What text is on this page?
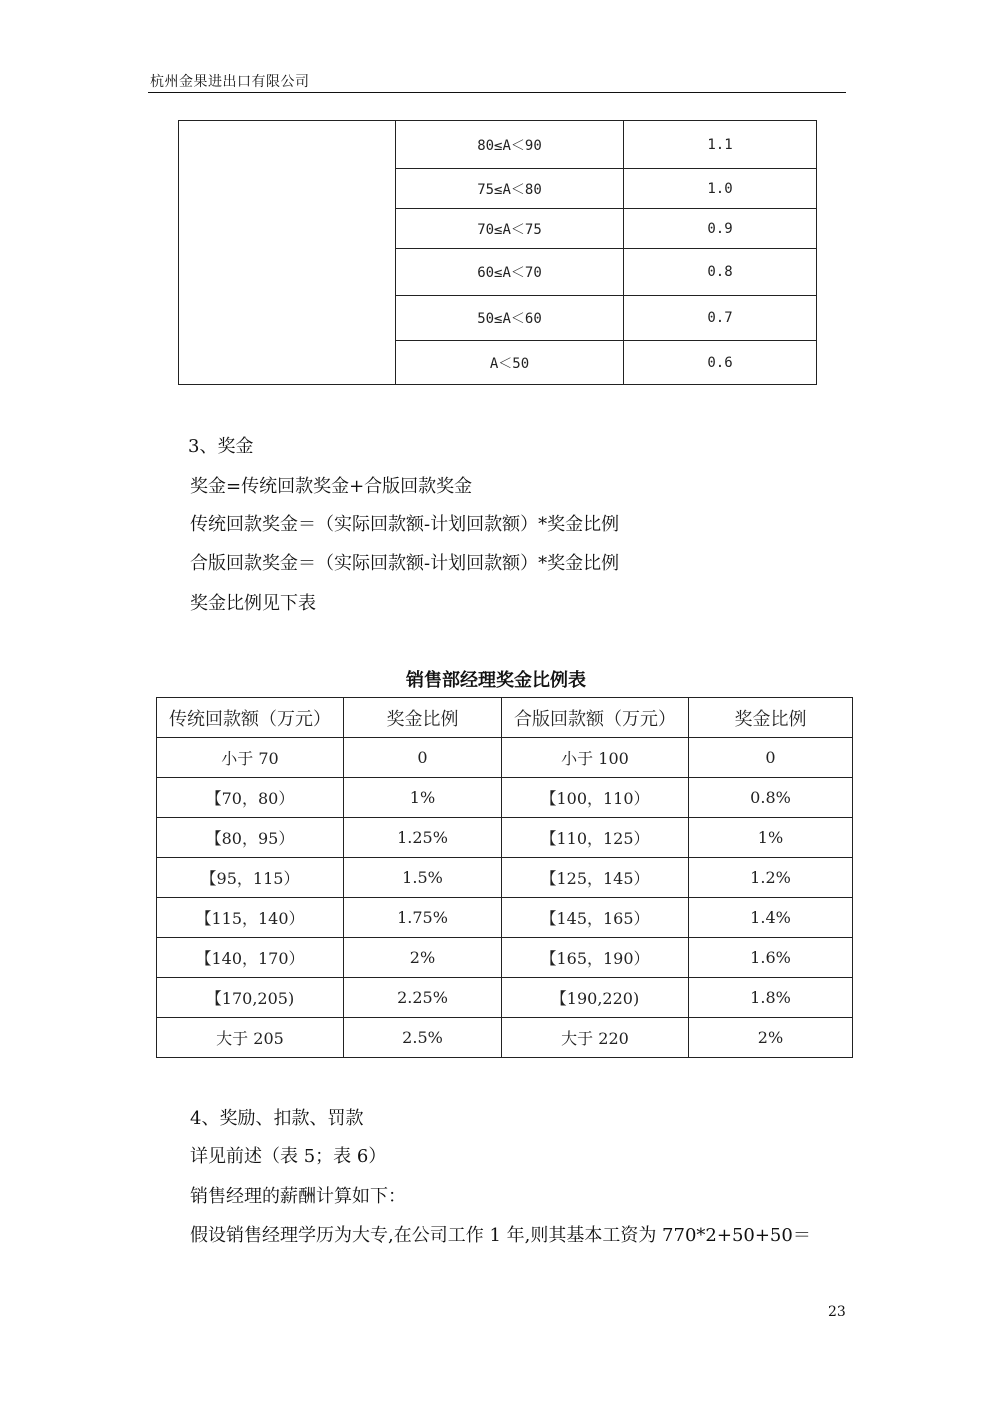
杭州金果进出口有限公司
	80≤A＜90	1.1
	75≤A＜80	1.0
	70≤A＜75	0.9
	60≤A＜70	0.8
	50≤A＜60	0.7
	A＜50	0.6
3、奖金
奖金=传统回款奖金+合版回款奖金
传统回款奖金＝（实际回款额-计划回款额）*奖金比例
合版回款奖金＝（实际回款额-计划回款额）*奖金比例
奖金比例见下表
销售部经理奖金比例表
传统回款额（万元）	奖金比例	合版回款额（万元）	奖金比例
小于 70	0	小于 100	0
【70，80）	1%	【100，110）	0.8%
【80，95）	1.25%	【110，125）	1%
【95，115）	1.5%	【125，145）	1.2%
【115，140）	1.75%	【145，165）	1.4%
【140，170）	2%	【165，190）	1.6%
【170,205)	2.25%	【190,220)	1.8%
大于 205	2.5%	大于 220	2%
4、奖励、扣款、罚款
详见前述（表 5；表 6）
销售经理的薪酬计算如下：
假设销售经理学历为大专,在公司工作 1 年,则其基本工资为 770*2+50+50＝
23
